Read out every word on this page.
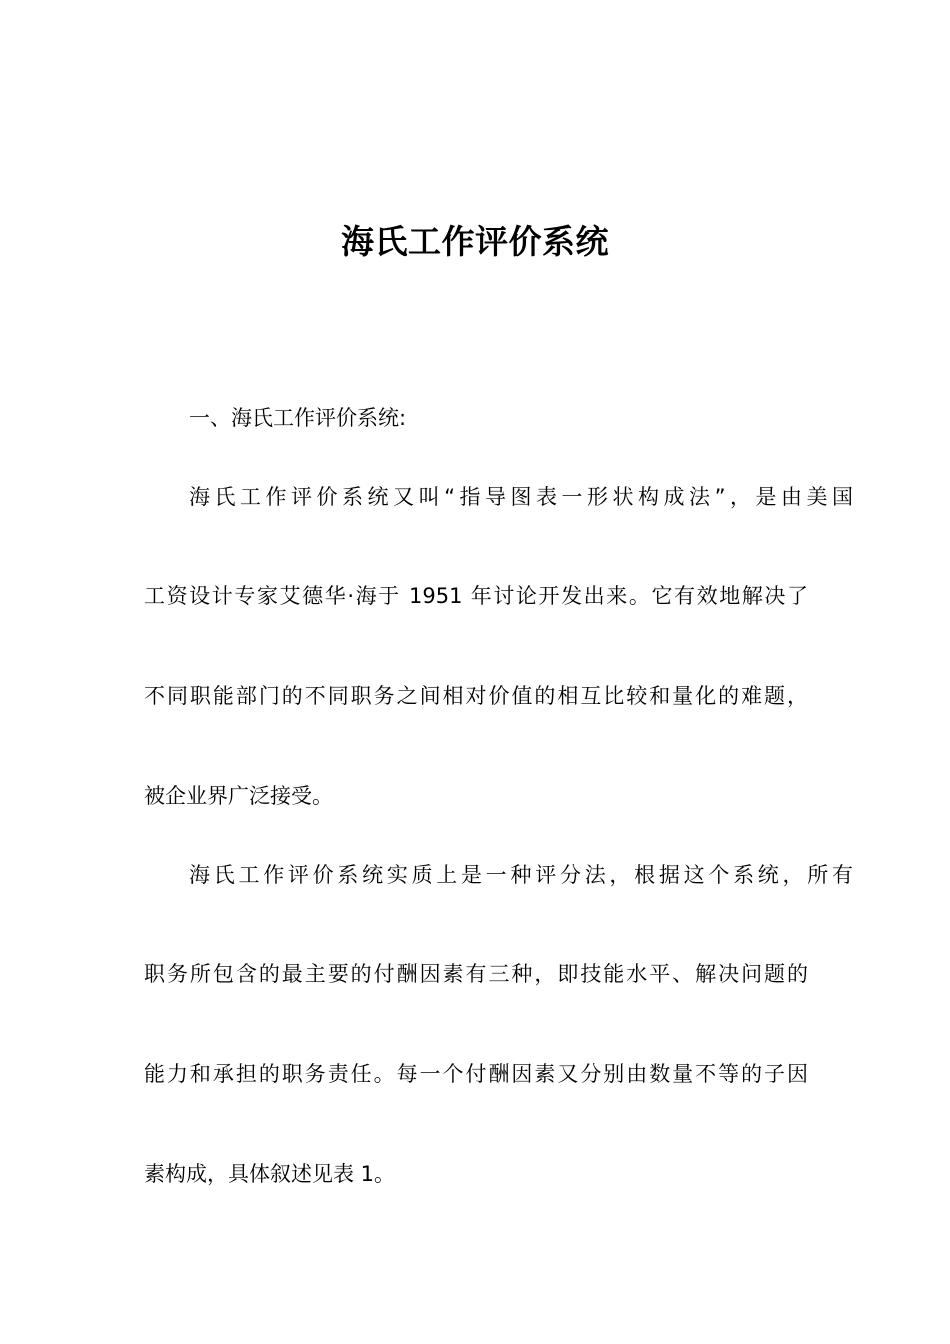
海氏工作评价系统
一、海氏工作评价系统:
海氏工作评价系统又叫“指导图表一形状构成法”，是由美国
工资设计专家艾德华·海于 1951 年讨论开发出来。它有效地解决了
不同职能部门的不同职务之间相对价值的相互比较和量化的难题，
被企业界广泛接受。
海氏工作评价系统实质上是一种评分法，根据这个系统，所有
职务所包含的最主要的付酬因素有三种，即技能水平、解决问题的
能力和承担的职务责任。每一个付酬因素又分别由数量不等的子因
素构成，具体叙述见表 1。
